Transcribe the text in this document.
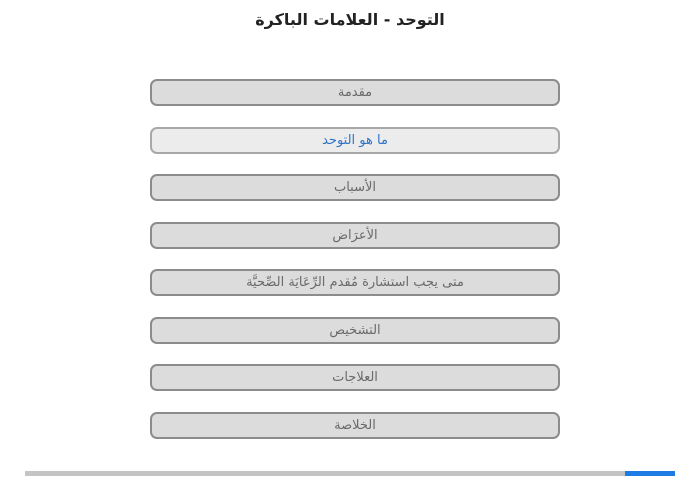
التوحد - العلامات الباكرة
مقدمة
ما هو التوحد
الأسباب
الأعرَاض
متى يجب استشارة مُقدم الرِّعَايَة الصِّحيَّة
التشخيص
العلاجات
الخلاصة
